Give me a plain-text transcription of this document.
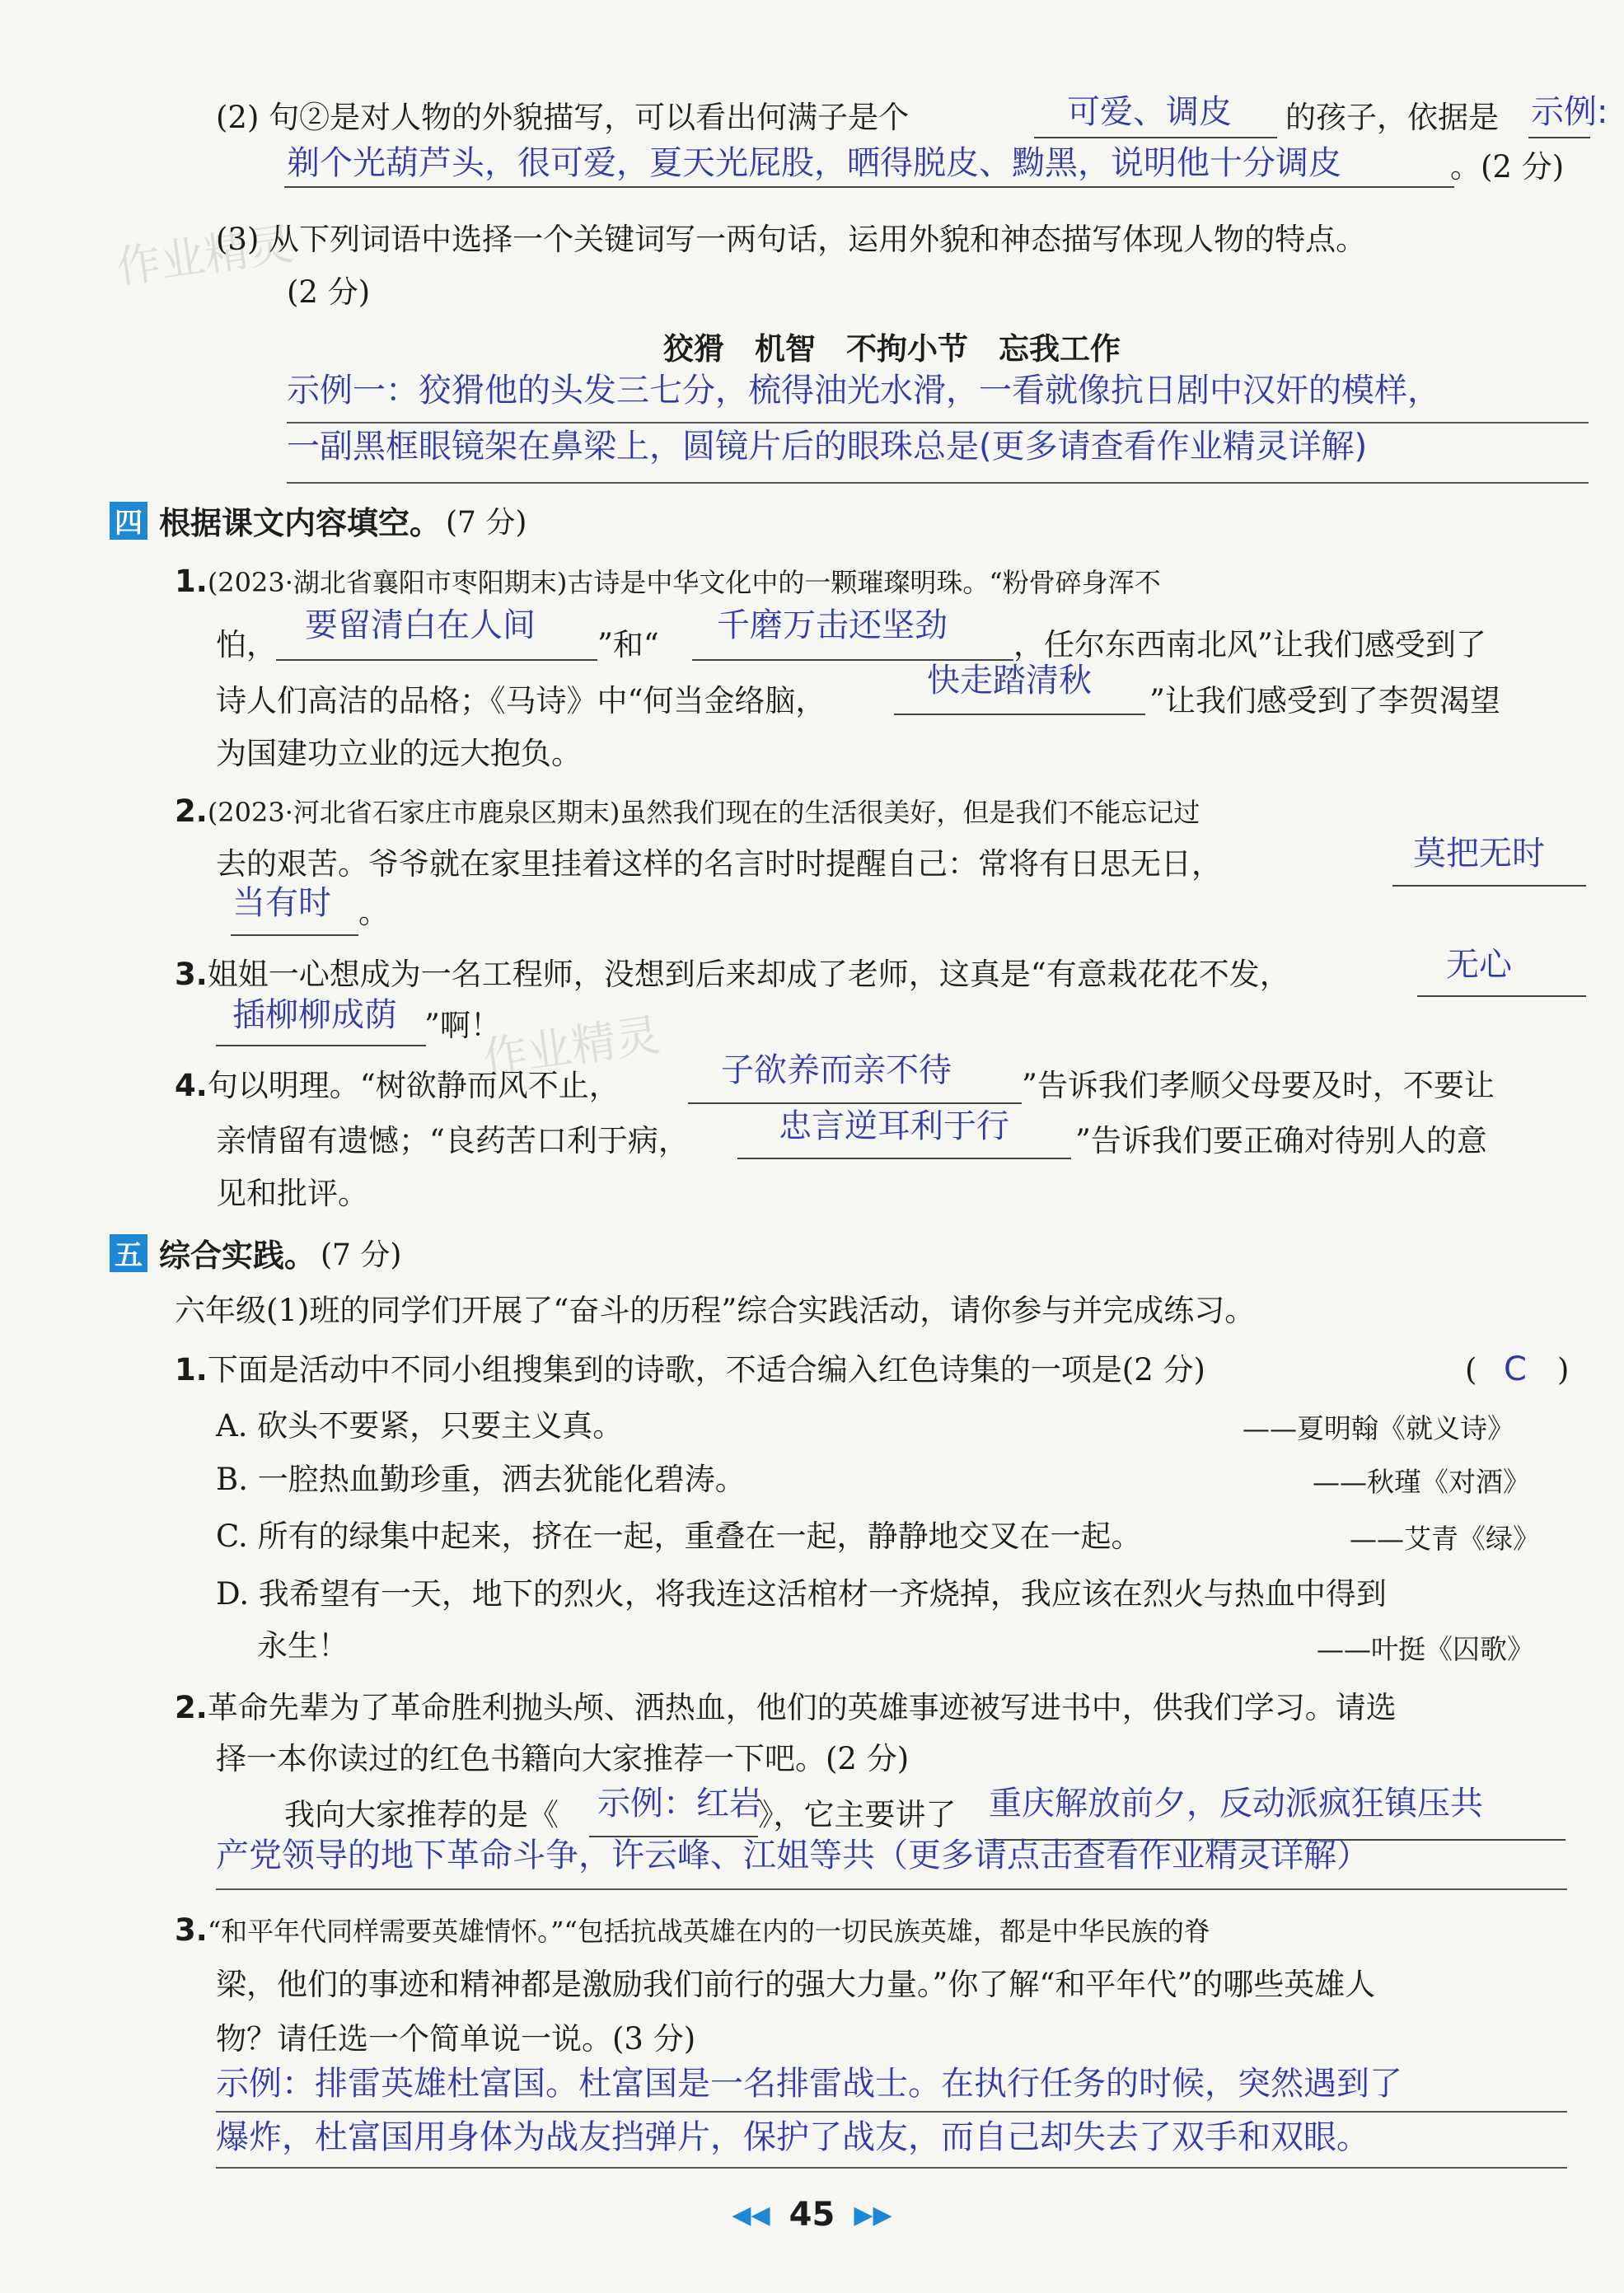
作业精灵
作业精灵
(2) 句②是对人物的外貌描写，可以看出何满子是个	可爱、调皮 的孩子，依据是 示例:
剃个光葫芦头，很可爱，夏天光屁股，晒得脱皮、黝黑，说明他十分调皮	。(2 分)
(3) 从下列词语中选择一个关键词写一两句话，运用外貌和神态描写体现人物的特点。
(2 分)
狡猾　机智　不拘小节　忘我工作
示例一：狡猾他的头发三七分，梳得油光水滑，一看就像抗日剧中汉奸的模样，
一副黑框眼镜架在鼻梁上，圆镜片后的眼珠总是(更多请查看作业精灵详解)
四 根据课文内容填空。 (7 分)
1.(2023·湖北省襄阳市枣阳期末)古诗是中华文化中的一颗璀璨明珠。“粉骨碎身浑不
怕，
要留清白在人间
”和“
千磨万击还坚劲
，任尔东西南北风”让我们感受到了
诗人们高洁的品格；《马诗》中“何当金络脑，
快走踏清秋
”让我们感受到了李贺渴望
为国建功立业的远大抱负。
2.(2023·河北省石家庄市鹿泉区期末)虽然我们现在的生活很美好，但是我们不能忘记过
去的艰苦。爷爷就在家里挂着这样的名言时时提醒自己：常将有日思无日，	莫把无时
当有时 。
3.姐姐一心想成为一名工程师，没想到后来却成了老师，这真是“有意栽花花不发，	无心
插柳柳成荫 ”啊！
4.句以明理。“树欲静而风不止，	子欲养而亲不待 ”告诉我们孝顺父母要及时，不要让
亲情留有遗憾；“良药苦口利于病，	忠言逆耳利于行 ”告诉我们要正确对待别人的意
见和批评。
五 综合实践。 (7 分)
六年级(1)班的同学们开展了“奋斗的历程”综合实践活动，请你参与并完成练习。
1.下面是活动中不同小组搜集到的诗歌，不适合编入红色诗集的一项是(2 分)	( C )
A. 砍头不要紧，只要主义真。	——夏明翰《就义诗》
B. 一腔热血勤珍重，洒去犹能化碧涛。	——秋瑾《对酒》
C. 所有的绿集中起来，挤在一起，重叠在一起，静静地交叉在一起。	——艾青《绿》
D. 我希望有一天，地下的烈火，将我连这活棺材一齐烧掉，我应该在烈火与热血中得到
永生！	——叶挺《囚歌》
2.革命先辈为了革命胜利抛头颅、洒热血，他们的英雄事迹被写进书中，供我们学习。请选
择一本你读过的红色书籍向大家推荐一下吧。(2 分)
我向大家推荐的是《 示例：红岩
》，它主要讲了 重庆解放前夕，反动派疯狂镇压共
产党领导的地下革命斗争，许云峰、江姐等共（更多请点击查看作业精灵详解）
3.“和平年代同样需要英雄情怀。”“包括抗战英雄在内的一切民族英雄，都是中华民族的脊
梁，他们的事迹和精神都是激励我们前行的强大力量。”你了解“和平年代”的哪些英雄人
物？请任选一个简单说一说。(3 分)
示例：排雷英雄杜富国。杜富国是一名排雷战士。在执行任务的时候，突然遇到了
爆炸，杜富国用身体为战友挡弹片，保护了战友，而自己却失去了双手和双眼。
◀◀ 45 ▶▶
